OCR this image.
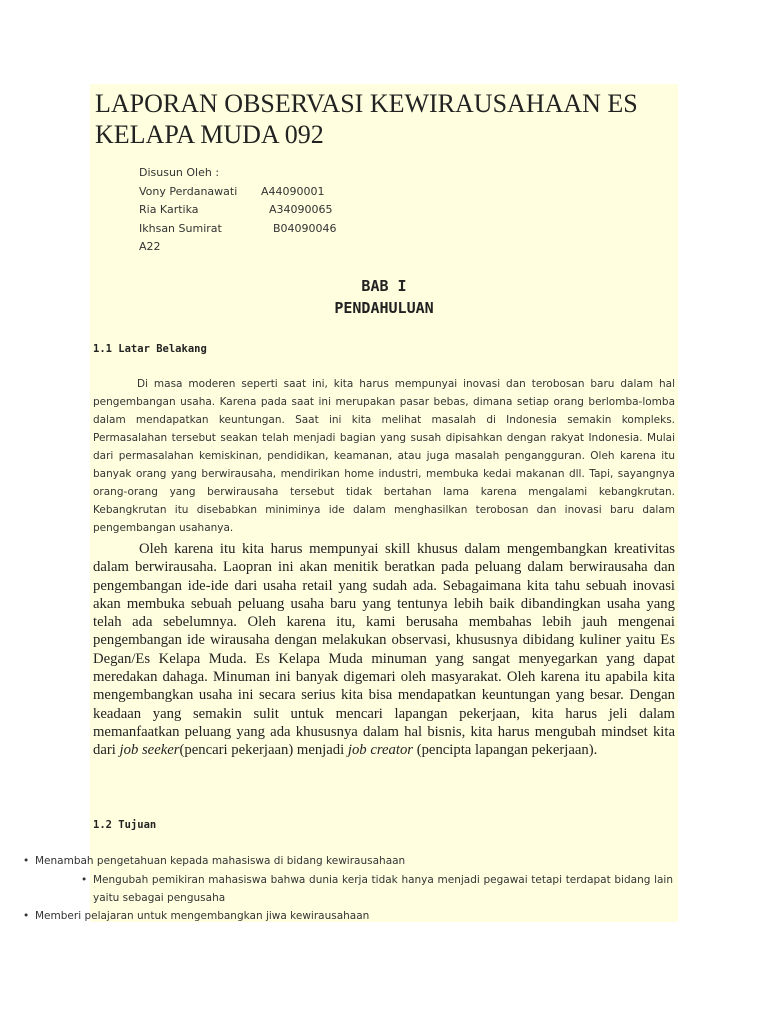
LAPORAN OBSERVASI KEWIRAUSAHAAN ES KELAPA MUDA 092
Disusun Oleh :
Vony Perdanawati	A44090001
Ria Kartika	A34090065
Ikhsan Sumirat	B04090046
A22
BAB I
PENDAHULUAN
1.1 Latar Belakang

Di masa moderen seperti saat ini, kita harus mempunyai inovasi dan terobosan baru dalam hal pengembangan usaha. Karena pada saat ini merupakan pasar bebas, dimana setiap orang berlomba-lomba dalam mendapatkan keuntungan. Saat ini kita melihat masalah di Indonesia semakin kompleks. Permasalahan tersebut seakan telah menjadi bagian yang susah dipisahkan dengan rakyat Indonesia. Mulai dari permasalahan kemiskinan, pendidikan, keamanan, atau juga masalah pengangguran. Oleh karena itu banyak orang yang berwirausaha, mendirikan home industri, membuka kedai makanan dll. Tapi, sayangnya orang-orang yang berwirausaha tersebut tidak bertahan lama karena mengalami kebangkrutan. Kebangkrutan itu disebabkan miniminya ide dalam menghasilkan terobosan dan inovasi baru dalam pengembangan usahanya.

Oleh karena itu kita harus mempunyai skill khusus dalam mengembangkan kreativitas dalam berwirausaha. Laopran ini akan menitik beratkan pada peluang dalam berwirausaha dan pengembangan ide-ide dari usaha retail yang sudah ada. Sebagaimana kita tahu sebuah inovasi akan membuka sebuah peluang usaha baru yang tentunya lebih baik dibandingkan usaha yang telah ada sebelumnya. Oleh karena itu, kami berusaha membahas lebih jauh mengenai pengembangan ide wirausaha dengan melakukan observasi, khususnya dibidang kuliner yaitu Es Degan/Es Kelapa Muda. Es Kelapa Muda minuman yang sangat menyegarkan yang dapat meredakan dahaga. Minuman ini banyak digemari oleh masyarakat. Oleh karena itu apabila kita mengembangkan usaha ini secara serius kita bisa mendapatkan keuntungan yang besar. Dengan keadaan yang semakin sulit untuk mencari lapangan pekerjaan, kita harus jeli dalam memanfaatkan peluang yang ada khususnya dalam hal bisnis, kita harus mengubah mindset kita dari job seeker(pencari pekerjaan) menjadi job creator (pencipta lapangan pekerjaan).

1.2 Tujuan
• Menambah pengetahuan kepada mahasiswa di bidang kewirausahaan
• Mengubah pemikiran mahasiswa bahwa dunia kerja tidak hanya menjadi pegawai tetapi terdapat bidang lain yaitu sebagai pengusaha
• Memberi pelajaran untuk mengembangkan jiwa kewirausahaan
